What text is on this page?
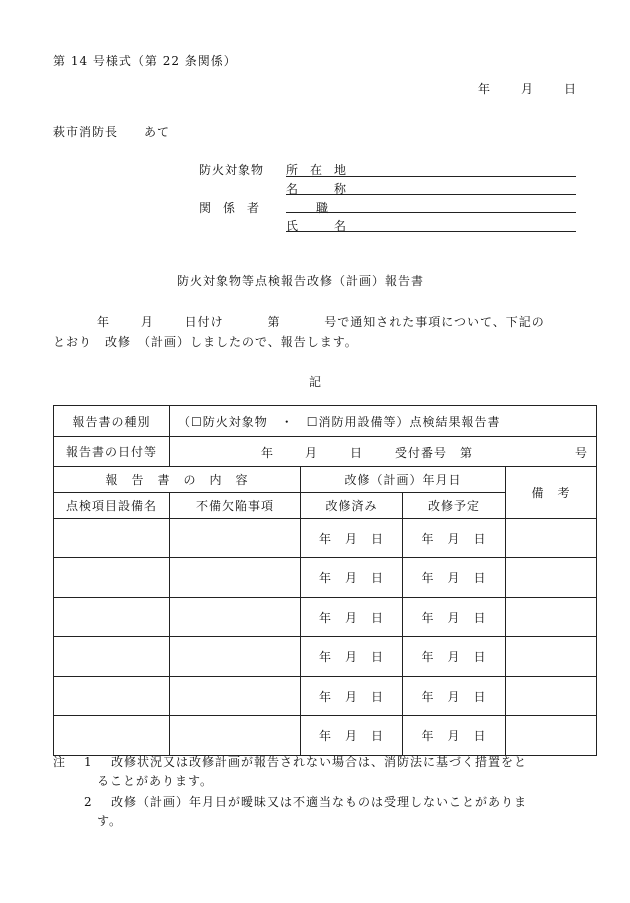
第 14 号様式（第 22 条関係）
年	月	日
萩市消防長　　あて
防火対象物 所　在　地
名　　　称
関　係　者	職
氏　　　名
防火対象物等点検報告改修（計画）報告書
年　　 月　　 日付け　　　 第　　　 号で通知された事項について、下記の
とおり　改修　（計画）しましたので、報告します。
記
報告書の種別	（☐防火対象物　・　☐消防用設備等）点検結果報告書			
報告書の日付等	年 月 日 受付番号　第 号			

報　告　書　の　内　容		改修（計画）年月日		備　考
点検項目設備名	不備欠陥事項	改修済み	改修予定	
		年　 月　 日	年　 月　 日	
		年　 月　 日	年　 月　 日	
		年　 月　 日	年　 月　 日	
		年　 月　 日	年　 月　 日	
		年　 月　 日	年　 月　 日	
		年　 月　 日	年　 月　 日	
注 1 改修状況又は改修計画が報告されない場合は、消防法に基づく措置をと
ることがあります。
2 改修（計画）年月日が曖昧又は不適当なものは受理しないことがありま
す。
